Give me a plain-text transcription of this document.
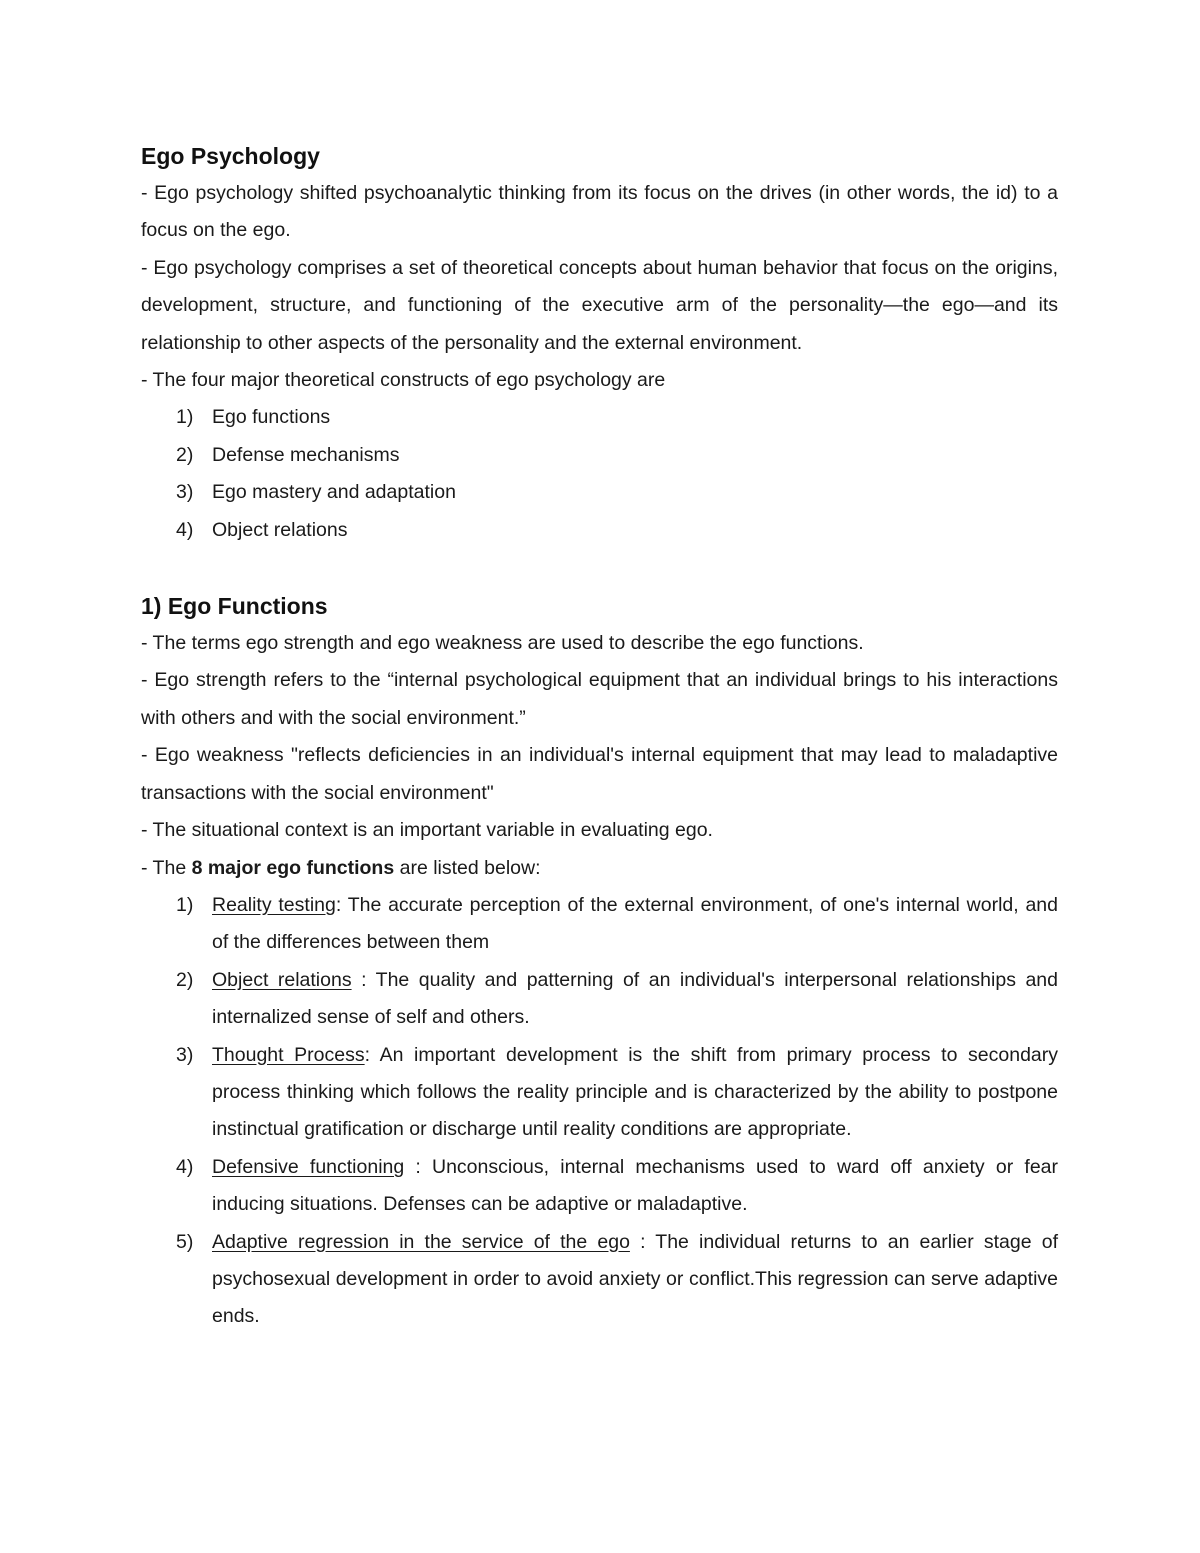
Ego Psychology

- Ego psychology shifted psychoanalytic thinking from its focus on the drives (in other words, the id) to a focus on the ego.

- Ego psychology comprises a set of theoretical concepts about human behavior that focus on the origins, development, structure, and functioning of the executive arm of the personality—the ego—and its relationship to other aspects of the personality and the external environment.

- The four major theoretical constructs of ego psychology are

1) Ego functions
2) Defense mechanisms
3) Ego mastery and adaptation
4) Object relations
1) Ego Functions

- The terms ego strength and ego weakness are used to describe the ego functions.

- Ego strength refers to the “internal psychological equipment that an individual brings to his interactions with others and with the social environment.”

- Ego weakness "reflects deficiencies in an individual's internal equipment that may lead to maladaptive transactions with the social environment"

- The situational context is an important variable in evaluating ego.

- The 8 major ego functions are listed below:

1) Reality testing: The accurate perception of the external environment, of one's internal world, and of the differences between them
2) Object relations : The quality and patterning of an individual's interpersonal relationships and internalized sense of self and others.
3) Thought Process: An important development is the shift from primary process to secondary process thinking which follows the reality principle and is characterized by the ability to postpone instinctual gratification or discharge until reality conditions are appropriate.
4) Defensive functioning : Unconscious, internal mechanisms used to ward off anxiety or fear inducing situations. Defenses can be adaptive or maladaptive.
5) Adaptive regression in the service of the ego : The individual returns to an earlier stage of psychosexual development in order to avoid anxiety or conflict.This regression can serve adaptive ends.
